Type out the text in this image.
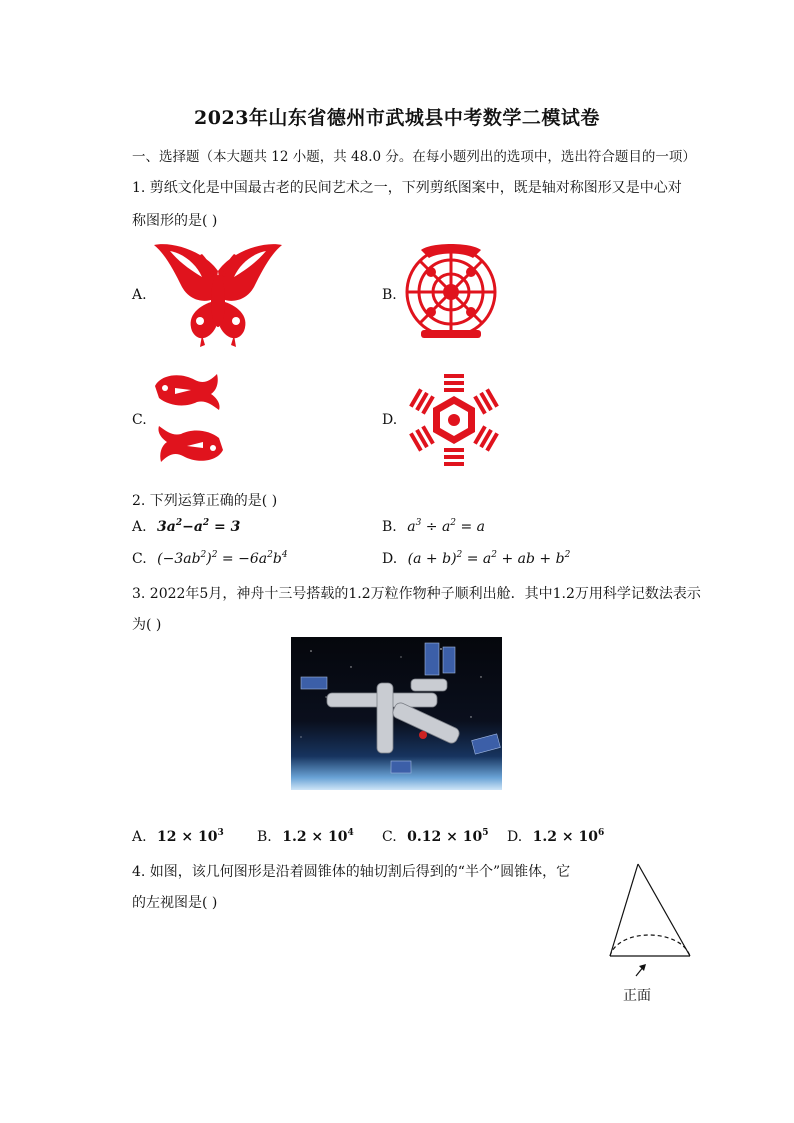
2023年山东省德州市武城县中考数学二模试卷
一、选择题（本大题共 12 小题，共 48.0 分。在每小题列出的选项中，选出符合题目的一项）
1. 剪纸文化是中国最古老的民间艺术之一，下列剪纸图案中，既是轴对称图形又是中心对
称图形的是( )
A.	B.
C.	D.
2. 下列运算正确的是( )
A. $3a^2-a^2 = 3$	B. $a^3 \div a^2 = a$
C. $(-3ab^2)^2 = -6a^2b^4$	D. $(a + b)^2 = a^2$ + ab + $b^2$
3. 2022年5月，神舟十三号搭载的1.2万粒作物种子顺利出舱．其中1.2万用科学记数法表示
为( )
A. $12 \times 10^3$ B. $1.2 \times 10^4$ C. $0.12 \times 10^5$ D. $1.2 \times 10^6$
4. 如图，该几何图形是沿着圆锥体的轴切割后得到的“半个”圆锥体，它
的左视图是( )
正面
